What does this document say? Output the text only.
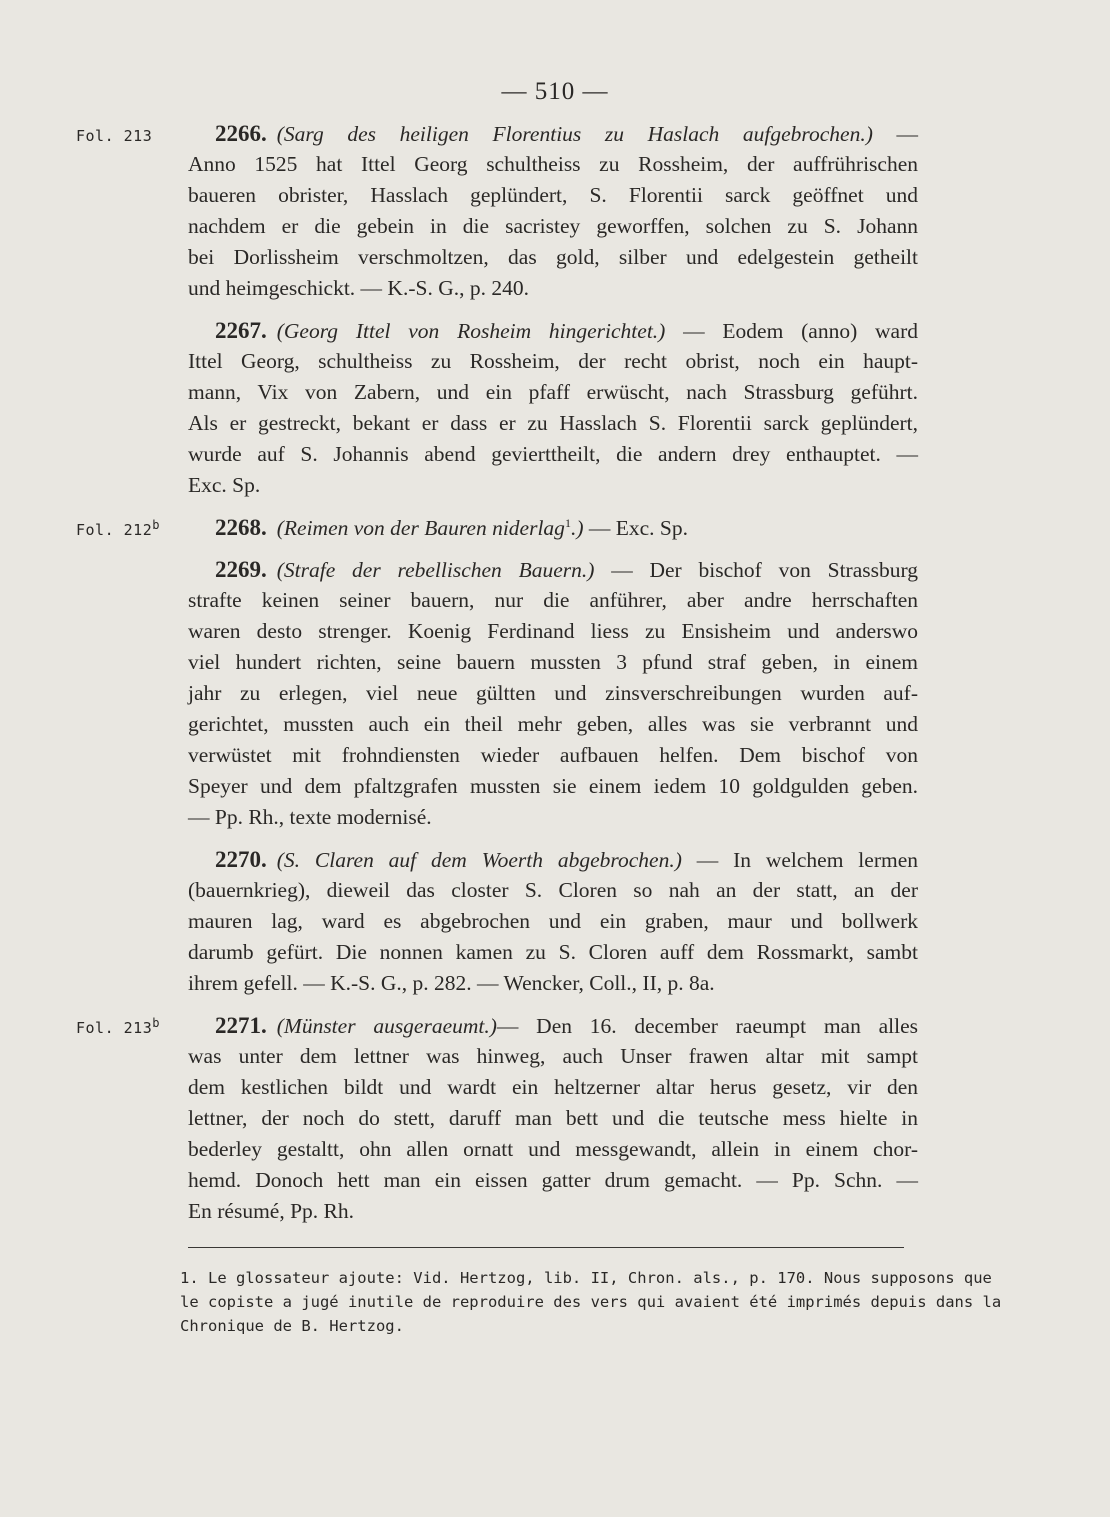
— 510 —
Fol. 213	2266. (Sarg des heiligen Florentius zu Haslach aufgebrochen.) —
Anno 1525 hat Ittel Georg schultheiss zu Rossheim, der auffrührischen
baueren obrister, Hasslach geplündert, S. Florentii sarck geöffnet und
nachdem er die gebein in die sacristey geworffen, solchen zu S. Johann
bei Dorlissheim verschmoltzen, das gold, silber und edelgestein getheilt
und heimgeschickt. — K.-S. G., p. 240.
2267. (Georg Ittel von Rosheim hingerichtet.) — Eodem (anno) ward
Ittel Georg, schultheiss zu Rossheim, der recht obrist, noch ein haupt-
mann, Vix von Zabern, und ein pfaff erwüscht, nach Strassburg geführt.
Als er gestreckt, bekant er dass er zu Hasslach S. Florentii sarck geplündert,
wurde auf S. Johannis abend gevierttheilt, die andern drey enthauptet. —
Exc. Sp.
Fol. 212$^b$	2268. (Reimen von der Bauren niderlag$^1$.) — Exc. Sp.
2269. (Strafe der rebellischen Bauern.) — Der bischof von Strassburg
strafte keinen seiner bauern, nur die anführer, aber andre herrschaften
waren desto strenger. Koenig Ferdinand liess zu Ensisheim und anderswo
viel hundert richten, seine bauern mussten 3 pfund straf geben, in einem
jahr zu erlegen, viel neue gültten und zinsverschreibungen wurden auf-
gerichtet, mussten auch ein theil mehr geben, alles was sie verbrannt und
verwüstet mit frohndiensten wieder aufbauen helfen. Dem bischof von
Speyer und dem pfaltzgrafen mussten sie einem iedem 10 goldgulden geben.
— Pp. Rh., texte modernisé.
2270. (S. Claren auf dem Woerth abgebrochen.) — In welchem lermen
(bauernkrieg), dieweil das closter S. Cloren so nah an der statt, an der
mauren lag, ward es abgebrochen und ein graben, maur und bollwerk
darumb gefürt. Die nonnen kamen zu S. Cloren auff dem Rossmarkt, sambt
ihrem gefell. — K.-S. G., p. 282. — Wencker, Coll., II, p. 8a.
Fol. 213$^b$	2271. (Münster ausgeraeumt.)— Den 16. december raeumpt man alles
was unter dem lettner was hinweg, auch Unser frawen altar mit sampt
dem kestlichen bildt und wardt ein heltzerner altar herus gesetz, vir den
lettner, der noch do stett, daruff man bett und die teutsche mess hielte in
bederley gestaltt, ohn allen ornatt und messgewandt, allein in einem chor-
hemd. Donoch hett man ein eissen gatter drum gemacht. — Pp. Schn. —
En résumé, Pp. Rh.
1. Le glossateur ajoute: Vid. Hertzog, lib. II, Chron. als., p. 170. Nous supposons que
le copiste a jugé inutile de reproduire des vers qui avaient été imprimés depuis dans la
Chronique de B. Hertzog.
